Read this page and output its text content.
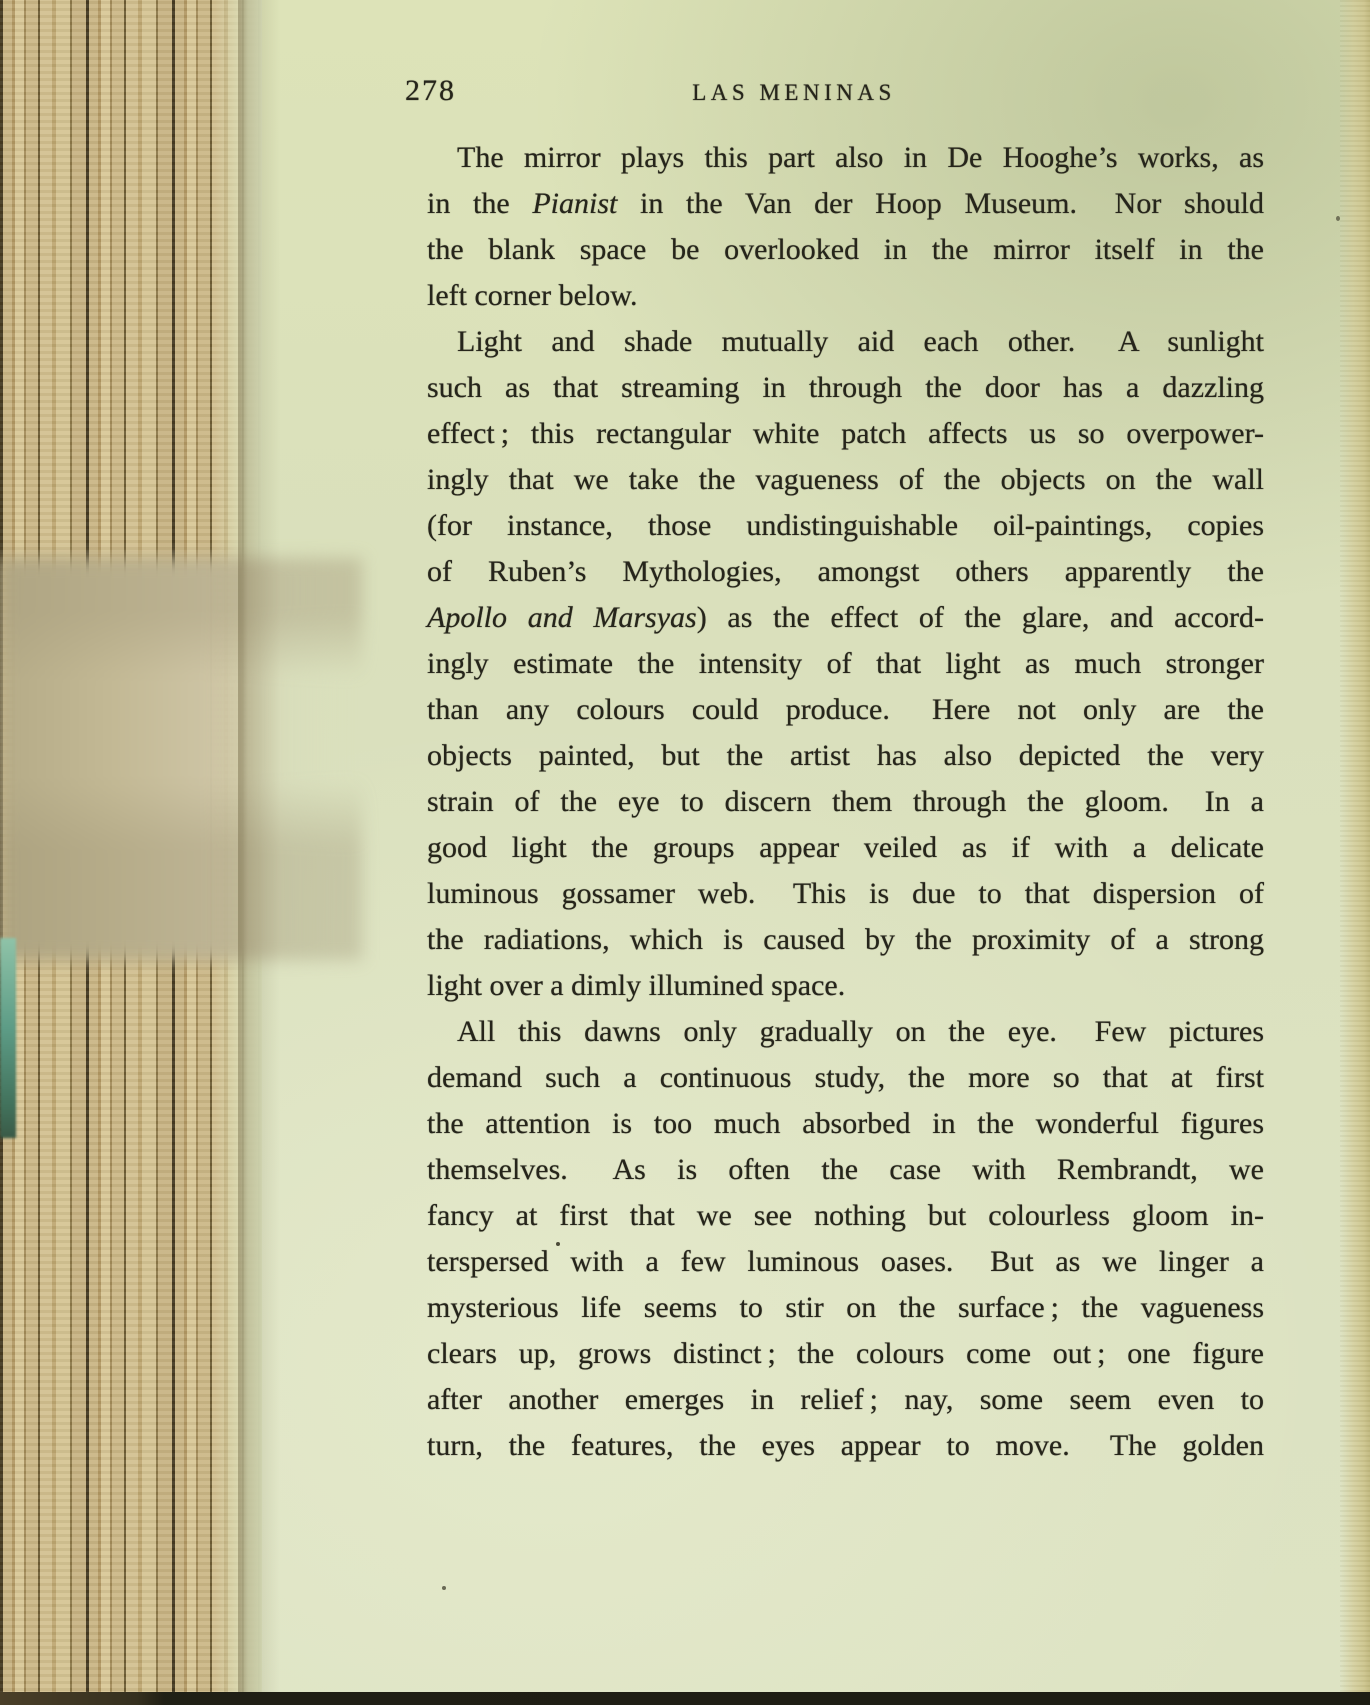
278	LAS MENINAS
The mirror plays this part also in De Hooghe’s works, as
in the Pianist in the Van der Hoop Museum.  Nor should
the blank space be overlooked in the mirror itself in the
left corner below.
Light and shade mutually aid each other.  A sunlight
such as that streaming in through the door has a dazzling
effect ; this rectangular white patch affects us so overpower-
ingly that we take the vagueness of the objects on the wall
(for instance, those undistinguishable oil-paintings, copies
of Ruben’s Mythologies, amongst others apparently the
Apollo and Marsyas) as the effect of the glare, and accord-
ingly estimate the intensity of that light as much stronger
than any colours could produce.  Here not only are the
objects painted, but the artist has also depicted the very
strain of the eye to discern them through the gloom.  In a
good light the groups appear veiled as if with a delicate
luminous gossamer web.  This is due to that dispersion of
the radiations, which is caused by the proximity of a strong
light over a dimly illumined space.
All this dawns only gradually on the eye.  Few pictures
demand such a continuous study, the more so that at first
the attention is too much absorbed in the wonderful figures
themselves.  As is often the case with Rembrandt, we
fancy at first that we see nothing but colourless gloom in-
terspersed with a few luminous oases.  But as we linger a
mysterious life seems to stir on the surface ; the vagueness
clears up, grows distinct ; the colours come out ; one figure
after another emerges in relief ; nay, some seem even to
turn, the features, the eyes appear to move.  The golden
